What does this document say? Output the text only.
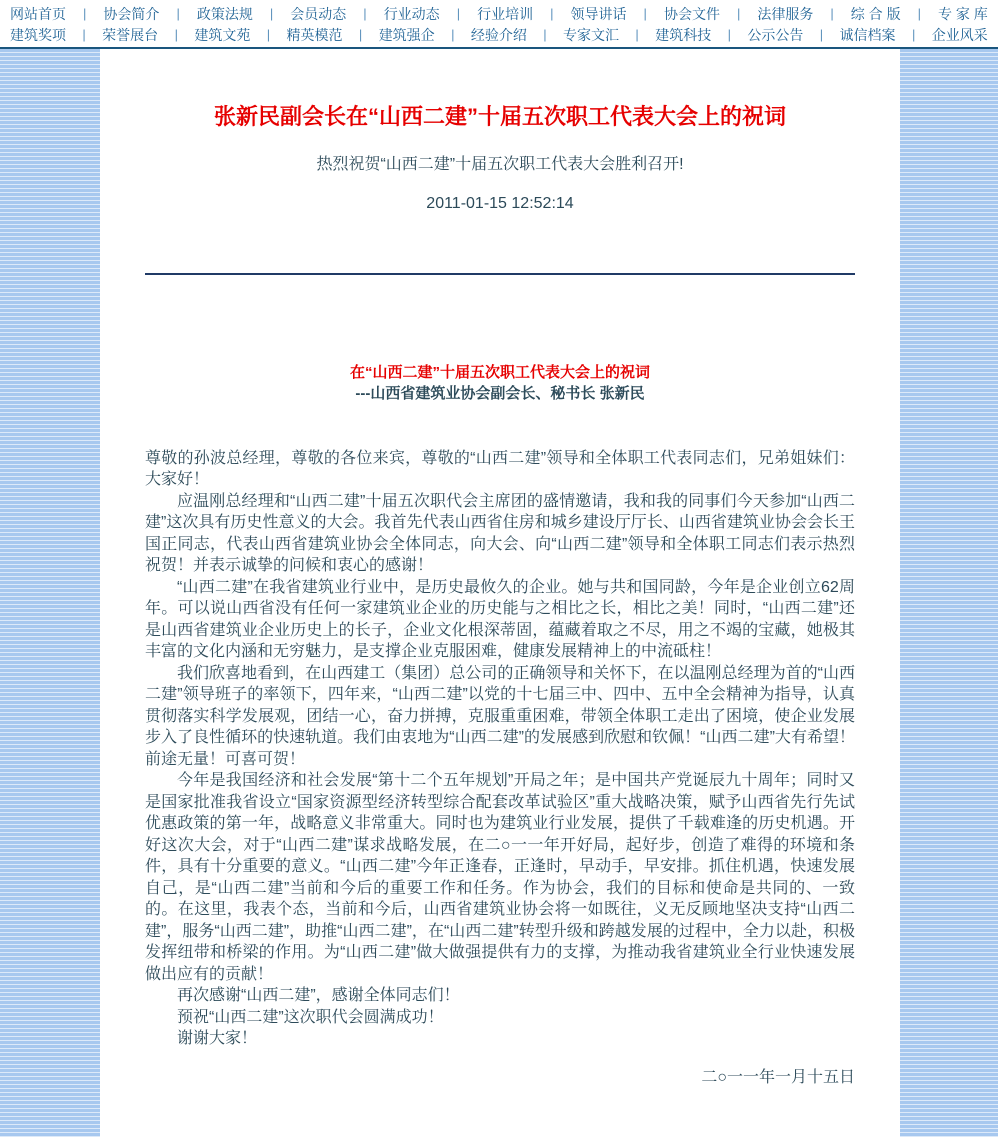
网站首页 | 协会简介 | 政策法规 | 会员动态 | 行业动态 | 行业培训 | 领导讲话 | 协会文件 | 法律服务 | 综 合 版 | 专 家 库
建筑奖项 | 荣誉展台 | 建筑文苑 | 精英模范 | 建筑强企 | 经验介绍 | 专家文汇 | 建筑科技 | 公示公告 | 诚信档案 | 企业风采
张新民副会长在“山西二建”十届五次职工代表大会上的祝词
热烈祝贺“山西二建”十届五次职工代表大会胜利召开!
2011-01-15 12:52:14
在“山西二建”十届五次职工代表大会上的祝词
---山西省建筑业协会副会长、秘书长 张新民

尊敬的孙波总经理，尊敬的各位来宾，尊敬的“山西二建”领导和全体职工代表同志们，兄弟姐妹们：大家好！

应温刚总经理和“山西二建”十届五次职代会主席团的盛情邀请，我和我的同事们今天参加“山西二建”这次具有历史性意义的大会。我首先代表山西省住房和城乡建设厅厅长、山西省建筑业协会会长王国正同志，代表山西省建筑业协会全体同志，向大会、向“山西二建”领导和全体职工同志们表示热烈祝贺！并表示诚挚的问候和衷心的感谢！

“山西二建”在我省建筑业行业中，是历史最攸久的企业。她与共和国同龄，今年是企业创立62周年。可以说山西省没有任何一家建筑业企业的历史能与之相比之长，相比之美！同时，“山西二建”还是山西省建筑业企业历史上的长子，企业文化根深蒂固，蕴藏着取之不尽，用之不竭的宝藏，她极其丰富的文化内涵和无穷魅力，是支撑企业克服困难，健康发展精神上的中流砥柱！

我们欣喜地看到，在山西建工（集团）总公司的正确领导和关怀下，在以温刚总经理为首的“山西二建”领导班子的率领下，四年来，“山西二建”以党的十七届三中、四中、五中全会精神为指导，认真贯彻落实科学发展观，团结一心，奋力拼搏，克服重重困难，带领全体职工走出了困境，使企业发展步入了良性循环的快速轨道。我们由衷地为“山西二建”的发展感到欣慰和钦佩！“山西二建”大有希望！前途无量！可喜可贺！

今年是我国经济和社会发展“第十二个五年规划”开局之年；是中国共产党诞辰九十周年；同时又是国家批准我省设立“国家资源型经济转型综合配套改革试验区”重大战略决策，赋予山西省先行先试优惠政策的第一年，战略意义非常重大。同时也为建筑业行业发展，提供了千载难逢的历史机遇。开好这次大会，对于“山西二建”谋求战略发展，在二○一一年开好局，起好步，创造了难得的环境和条件，具有十分重要的意义。“山西二建”今年正逢春，正逢时，早动手，早安排。抓住机遇，快速发展自己，是“山西二建”当前和今后的重要工作和任务。作为协会，我们的目标和使命是共同的、一致的。在这里，我表个态，当前和今后，山西省建筑业协会将一如既往，义无反顾地坚决支持“山西二建”，服务“山西二建”，助推“山西二建”，在“山西二建”转型升级和跨越发展的过程中，全力以赴，积极发挥纽带和桥梁的作用。为“山西二建”做大做强提供有力的支撑，为推动我省建筑业全行业快速发展做出应有的贡献！

再次感谢“山西二建”，感谢全体同志们！

预祝“山西二建”这次职代会圆满成功！

谢谢大家！

二○一一年一月十五日
